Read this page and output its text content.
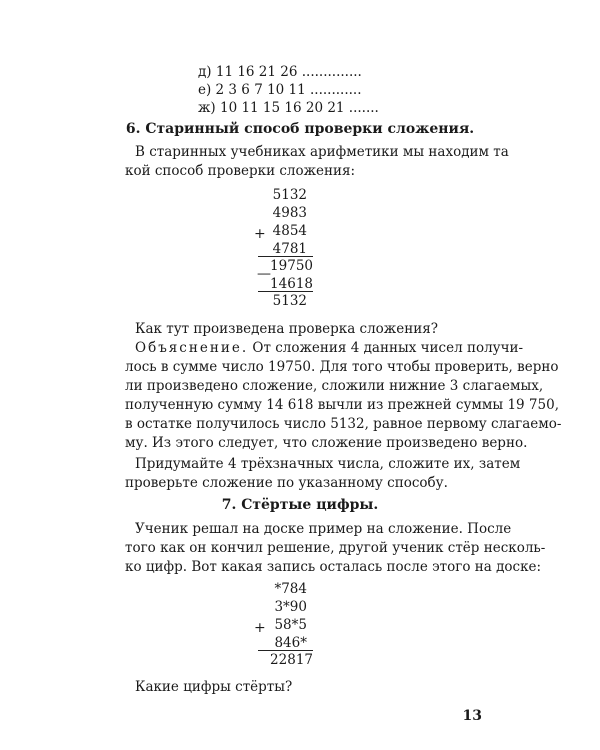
д) 11 16 21 26 ..............
е) 2 3 6 7 10 11 ............
ж) 10 11 15 16 20 21 .......
6. Старинный способ проверки сложения.
В старинных учебниках арифметики мы находим та
кой способ проверки сложения:
5132
4983
4854
4781
+
19750
—
14618
5132
Как тут произведена проверка сложения?
Объяснение. От сложения 4 данных чисел получи-
лось в сумме число 19750. Для того чтобы проверить, верно
ли произведено сложение, сложили нижние 3 слагаемых,
полученную сумму 14 618 вычли из прежней суммы 19 750,
в остатке получилось число 5132, равное первому слагаемо-
му. Из этого следует, что сложение произведено верно.
Придумайте 4 трёхзначных числа, сложите их, затем
проверьте сложение по указанному способу.
7. Стёртые цифры.
Ученик решал на доске пример на сложение. После
того как он кончил решение, другой ученик стёр несколь-
ко цифр. Вот какая запись осталась после этого на доске:
*784
3*90
58*5
846*
+
22817
Какие цифры стёрты?
13
